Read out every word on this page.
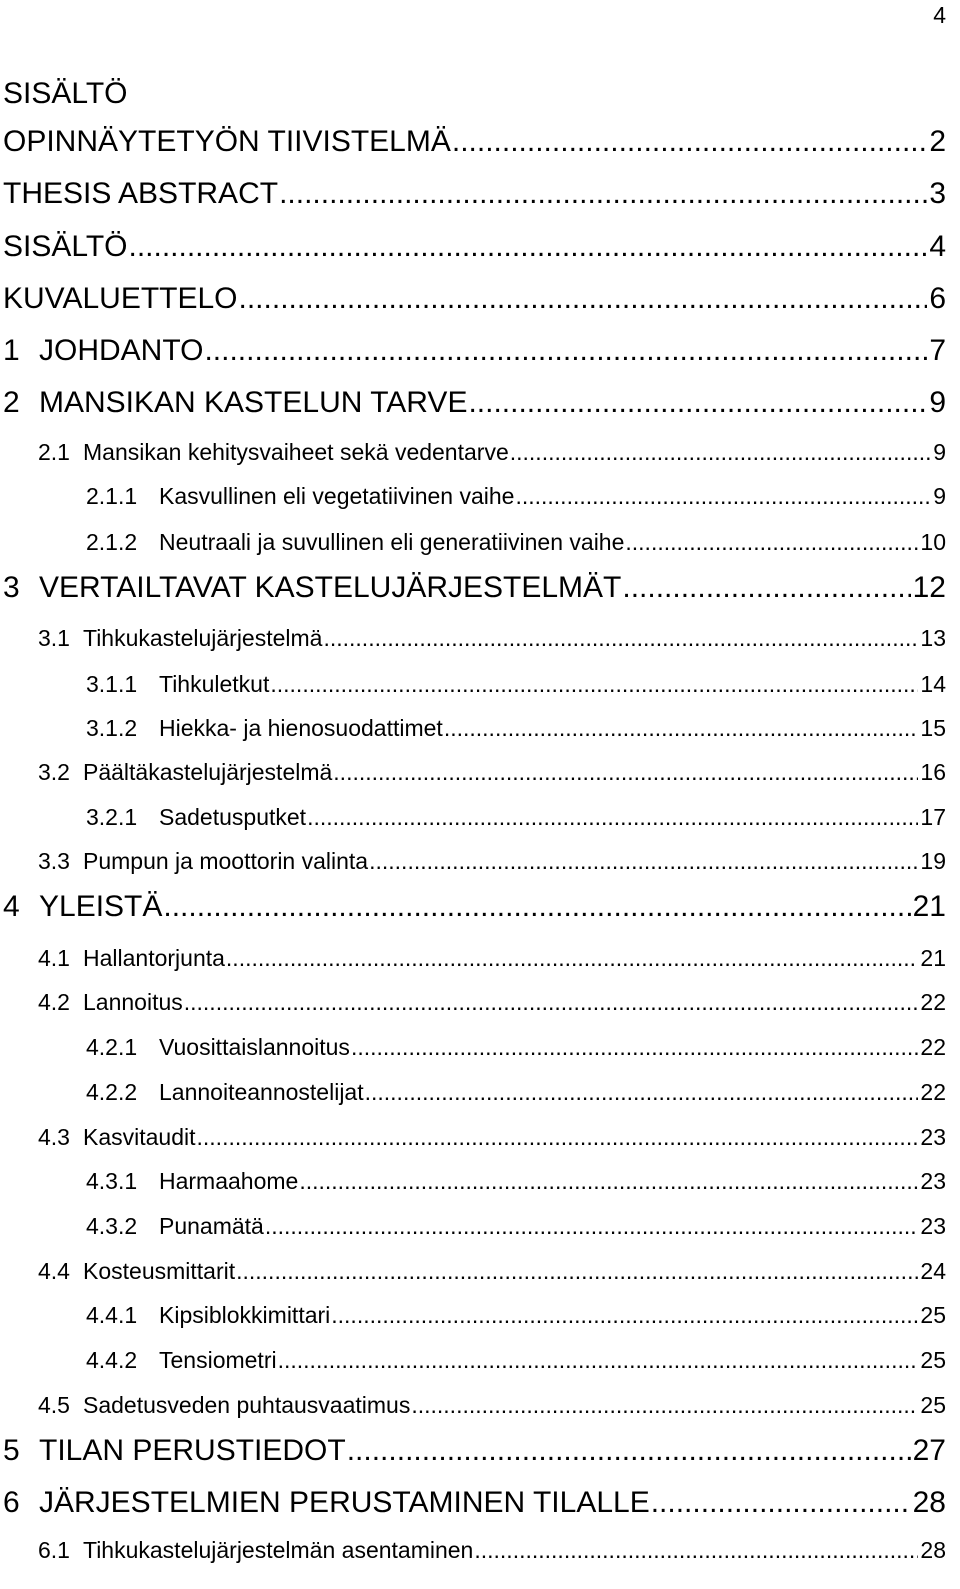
4
SISÄLTÖ
OPINNÄYTETYÖN TIIVISTELMÄ .....	2
THESIS ABSTRACT .....	3
SISÄLTÖ .....	4
KUVALUETTELO .....	6
1 JOHDANTO .....	7
2 MANSIKAN KASTELUN TARVE .....	9
2.1 Mansikan kehitysvaiheet sekä vedentarve .....	9
2.1.1 Kasvullinen eli vegetatiivinen vaihe .....	9
2.1.2 Neutraali ja suvullinen eli generatiivinen vaihe .....	10
3 VERTAILTAVAT KASTELUJÄRJESTELMÄT .....	12
3.1 Tihkukastelujärjestelmä .....	13
3.1.1 Tihkuletkut .....	14
3.1.2 Hiekka- ja hienosuodattimet .....	15
3.2 Päältäkastelujärjestelmä .....	16
3.2.1 Sadetusputket .....	17
3.3 Pumpun ja moottorin valinta .....	19
4 YLEISTÄ .....	21
4.1 Hallantorjunta .....	21
4.2 Lannoitus .....	22
4.2.1 Vuosittaislannoitus .....	22
4.2.2 Lannoiteannostelijat .....	22
4.3 Kasvitaudit .....	23
4.3.1 Harmaahome .....	23
4.3.2 Punamätä .....	23
4.4 Kosteusmittarit .....	24
4.4.1 Kipsiblokkimittari .....	25
4.4.2 Tensiometri .....	25
4.5 Sadetusveden puhtausvaatimus .....	25
5 TILAN PERUSTIEDOT .....	27
6 JÄRJESTELMIEN PERUSTAMINEN TILALLE .....	28
6.1 Tihkukastelujärjestelmän asentaminen .....	28
